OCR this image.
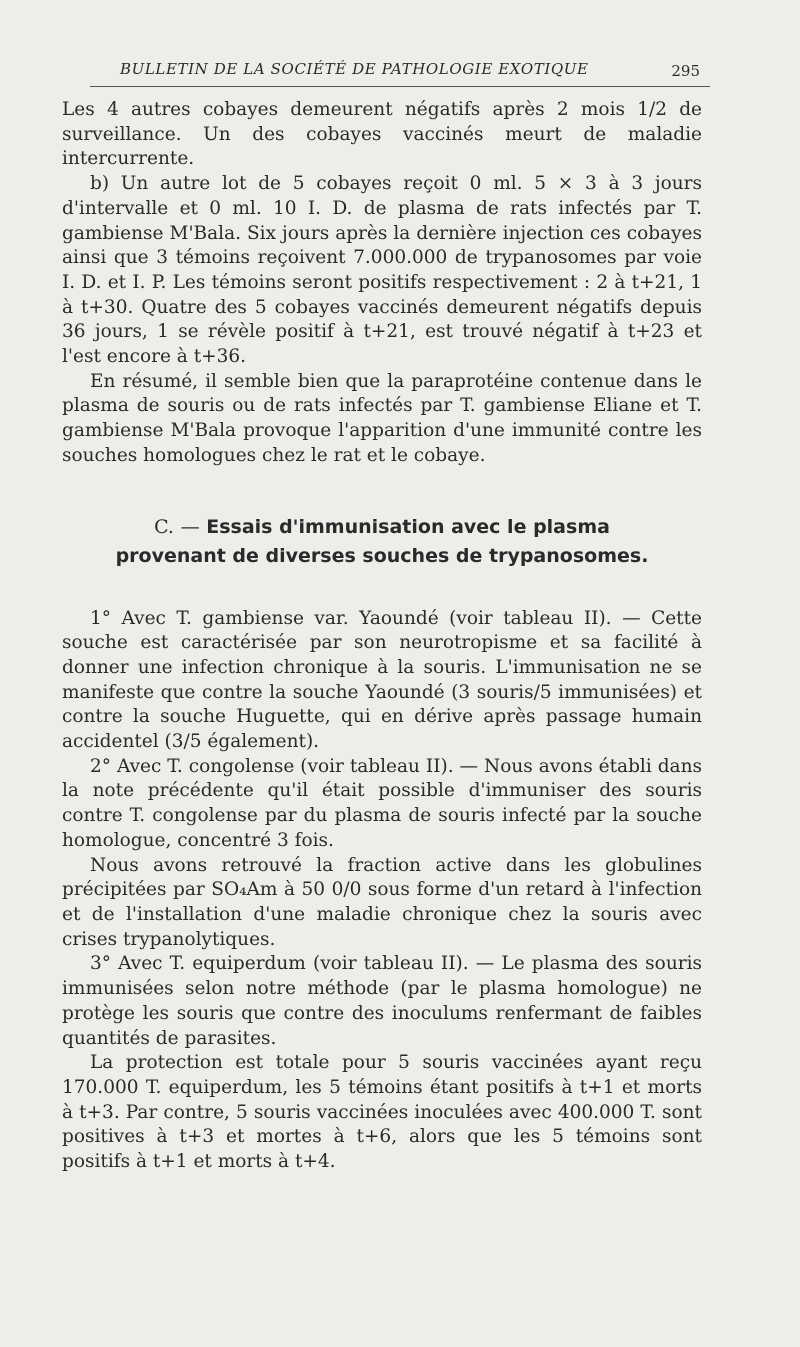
BULLETIN DE LA SOCIÉTÉ DE PATHOLOGIE EXOTIQUE	295

Les 4 autres cobayes demeurent négatifs après 2 mois 1/2 de surveillance. Un des cobayes vaccinés meurt de maladie intercurrente.

b) Un autre lot de 5 cobayes reçoit 0 ml. 5 × 3 à 3 jours d'intervalle et 0 ml. 10 I. D. de plasma de rats infectés par T. gambiense M'Bala. Six jours après la dernière injection ces cobayes ainsi que 3 témoins reçoivent 7.000.000 de trypanosomes par voie I. D. et I. P. Les témoins seront positifs respectivement : 2 à t+21, 1 à t+30. Quatre des 5 cobayes vaccinés demeurent négatifs depuis 36 jours, 1 se révèle positif à t+21, est trouvé négatif à t+23 et l'est encore à t+36.

En résumé, il semble bien que la paraprotéine contenue dans le plasma de souris ou de rats infectés par T. gambiense Eliane et T. gambiense M'Bala provoque l'apparition d'une immunité contre les souches homologues chez le rat et le cobaye.

C. — Essais d'immunisation avec le plasma
provenant de diverses souches de trypanosomes.

1° Avec T. gambiense var. Yaoundé (voir tableau II). — Cette souche est caractérisée par son neurotropisme et sa facilité à donner une infection chronique à la souris. L'immunisation ne se manifeste que contre la souche Yaoundé (3 souris/5 immunisées) et contre la souche Huguette, qui en dérive après passage humain accidentel (3/5 également).

2° Avec T. congolense (voir tableau II). — Nous avons établi dans la note précédente qu'il était possible d'immuniser des souris contre T. congolense par du plasma de souris infecté par la souche homologue, concentré 3 fois.

Nous avons retrouvé la fraction active dans les globulines précipitées par SO₄Am à 50 0/0 sous forme d'un retard à l'infection et de l'installation d'une maladie chronique chez la souris avec crises trypanolytiques.

3° Avec T. equiperdum (voir tableau II). — Le plasma des souris immunisées selon notre méthode (par le plasma homologue) ne protège les souris que contre des inoculums renfermant de faibles quantités de parasites.

La protection est totale pour 5 souris vaccinées ayant reçu 170.000 T. equiperdum, les 5 témoins étant positifs à t+1 et morts à t+3. Par contre, 5 souris vaccinées inoculées avec 400.000 T. sont positives à t+3 et mortes à t+6, alors que les 5 témoins sont positifs à t+1 et morts à t+4.
